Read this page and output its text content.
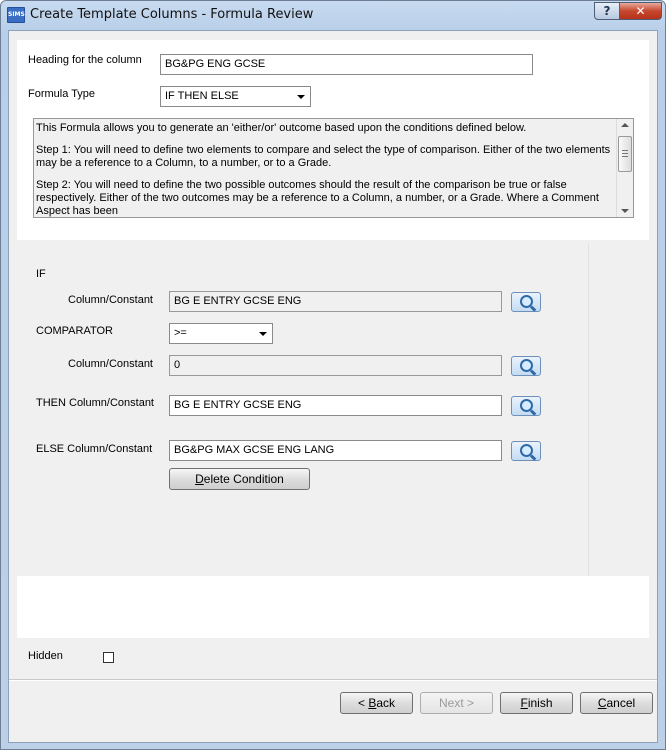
SIMS Create Template Columns - Formula Review	?	✕
Heading for the column	BG&PG ENG GCSE
Formula Type	IF THEN ELSE

This Formula allows you to generate an 'either/or' outcome based upon the conditions defined below.

Step 1: You will need to define two elements to compare and select the type of comparison. Either of the two elements may be a reference to a Column, to a number, or to a Grade.

Step 2: You will need to define the two possible outcomes should the result of the comparison be true or false respectively. Either of the two outcomes may be a reference to a Column, a number, or a Grade. Where a Comment Aspect has been

IF
Column/Constant	BG E ENTRY GCSE ENG
COMPARATOR	>=
Column/Constant	0
THEN Column/Constant	BG E ENTRY GCSE ENG
ELSE Column/Constant	BG&PG MAX GCSE ENG LANG
Delete Condition
Hidden
< Back	Next >	Finish	Cancel
